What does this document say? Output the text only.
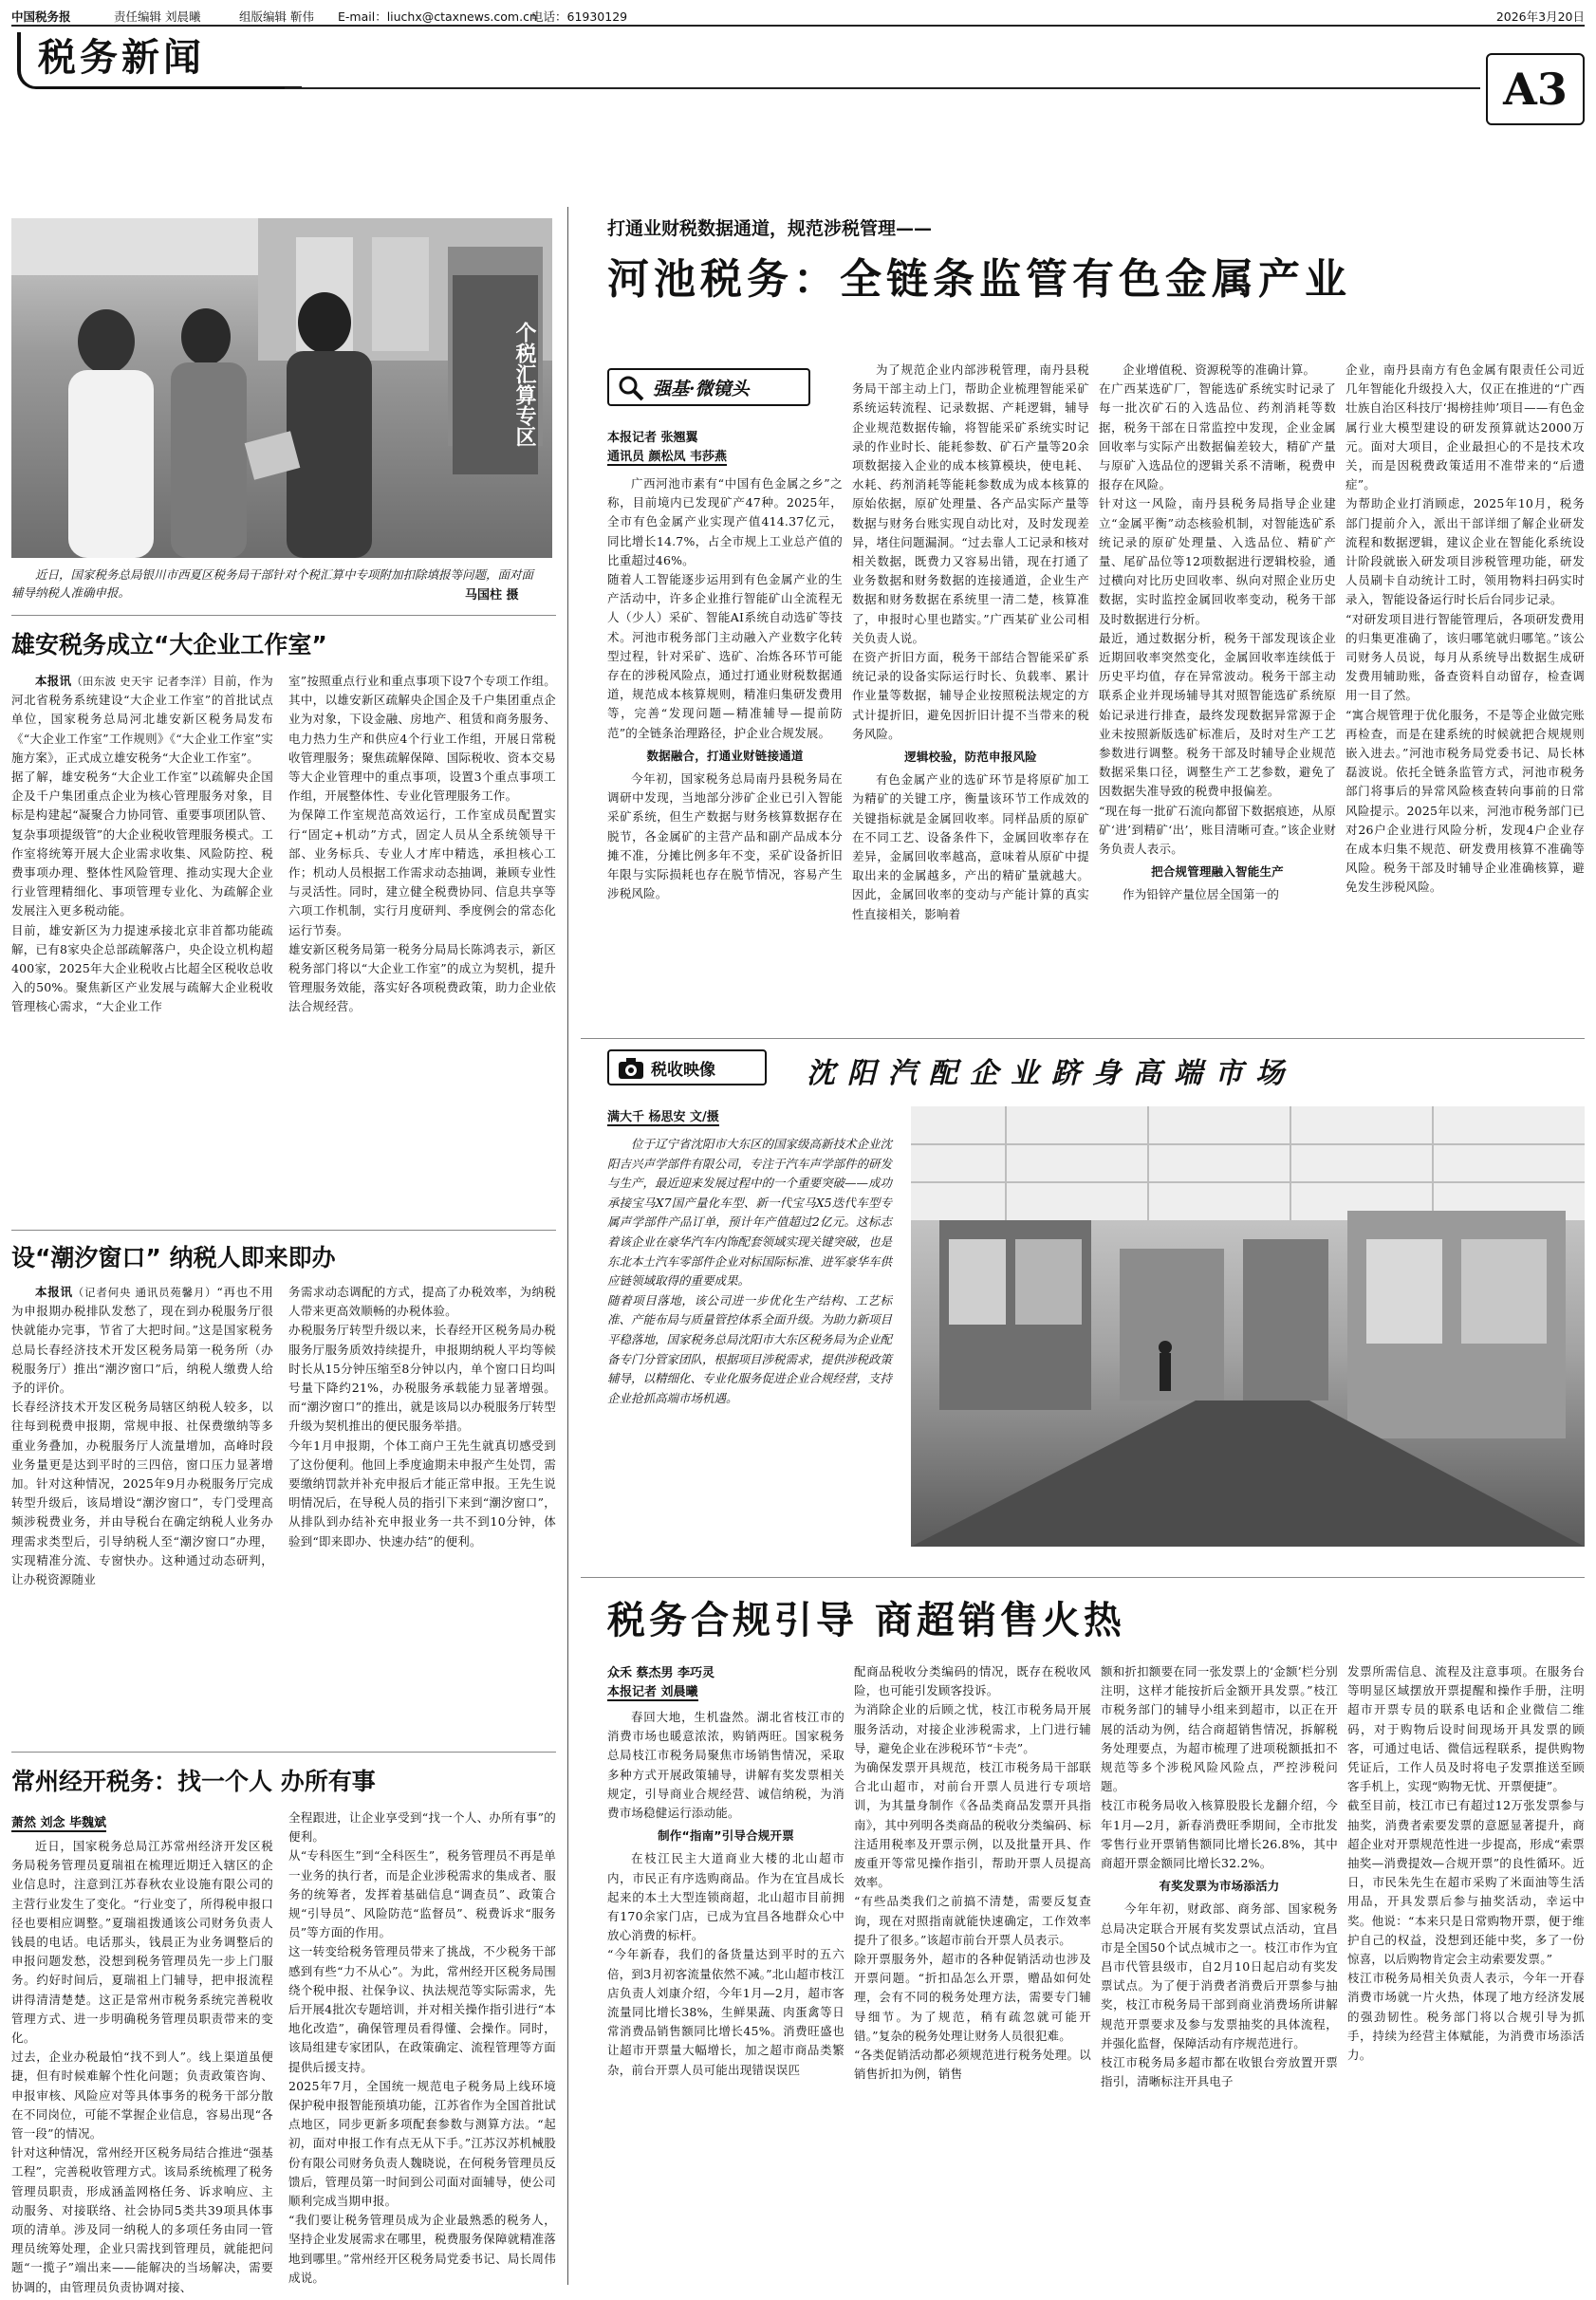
中国税务报	责任编辑 刘晨曦	组版编辑 靳伟 E-mail：liuchx@ctaxnews.com.cn
电话：61930129	2026年3月20日
税务新闻
A3
个税汇算专区
近日，国家税务总局银川市西夏区税务局干部针对个税汇算中专项附加扣除填报等问题，面对面辅导纳税人准确申报。	马国柱 摄
雄安税务成立“大企业工作室”
本报讯（田东波 史天宇 记者李洋）目前，作为河北省税务系统建设“大企业工作室”的首批试点单位，国家税务总局河北雄安新区税务局发布《“大企业工作室”工作规则》《“大企业工作室”实施方案》，正式成立雄安税务“大企业工作室”。
据了解，雄安税务“大企业工作室”以疏解央企国企及千户集团重点企业为核心管理服务对象，目标是构建起“凝聚合力协同管、重要事项团队管、复杂事项提级管”的大企业税收管理服务模式。工作室将统筹开展大企业需求收集、风险防控、税费事项办理、整体性风险管理、推动实现大企业行业管理精细化、事项管理专业化、为疏解企业发展注入更多税动能。
目前，雄安新区为力提速承接北京非首都功能疏解，已有8家央企总部疏解落户，央企设立机构超400家，2025年大企业税收占比超全区税收总收入的50%。聚焦新区产业发展与疏解大企业税收管理核心需求，“大企业工作
室”按照重点行业和重点事项下设7个专项工作组。其中，以雄安新区疏解央企国企及千户集团重点企业为对象，下设金融、房地产、租赁和商务服务、电力热力生产和供应4个行业工作组，开展日常税收管理服务；聚焦疏解保障、国际税收、资本交易等大企业管理中的重点事项，设置3个重点事项工作组，开展整体性、专业化管理服务工作。
为保障工作室规范高效运行，工作室成员配置实行“固定+机动”方式，固定人员从全系统领导干部、业务标兵、专业人才库中精选，承担核心工作；机动人员根据工作需求动态抽调，兼顾专业性与灵活性。同时，建立健全税费协同、信息共享等六项工作机制，实行月度研判、季度例会的常态化运行节奏。
雄安新区税务局第一税务分局局长陈鸿表示，新区税务部门将以“大企业工作室”的成立为契机，提升管理服务效能，落实好各项税费政策，助力企业依法合规经营。
设“潮汐窗口” 纳税人即来即办
本报讯（记者何央 通讯员苑馨月）“再也不用为申报期办税排队发愁了，现在到办税服务厅很快就能办完事，节省了大把时间。”这是国家税务总局长春经济技术开发区税务局第一税务所（办税服务厅）推出“潮汐窗口”后，纳税人缴费人给予的评价。
长春经济技术开发区税务局辖区纳税人较多，以往每到税费申报期，常规申报、社保费缴纳等多重业务叠加，办税服务厅人流量增加，高峰时段业务量更是达到平时的三四倍，窗口压力显著增加。针对这种情况，2025年9月办税服务厅完成转型升级后，该局增设“潮汐窗口”，专门受理高频涉税费业务，并由导税台在确定纳税人业务办理需求类型后，引导纳税人至“潮汐窗口”办理，实现精准分流、专窗快办。这种通过动态研判，让办税资源随业
务需求动态调配的方式，提高了办税效率，为纳税人带来更高效顺畅的办税体验。
办税服务厅转型升级以来，长春经开区税务局办税服务厅服务质效持续提升，申报期纳税人平均等候时长从15分钟压缩至8分钟以内，单个窗口日均叫号量下降约21%，办税服务承载能力显著增强。而“潮汐窗口”的推出，就是该局以办税服务厅转型升级为契机推出的便民服务举措。
今年1月申报期，个体工商户王先生就真切感受到了这份便利。他回上季度逾期未申报产生处罚，需要缴纳罚款并补充申报后才能正常申报。王先生说明情况后，在导税人员的指引下来到“潮汐窗口”，从排队到办结补充申报业务一共不到10分钟，体验到“即来即办、快速办结”的便利。
常州经开税务：找一个人 办所有事
萧然 刘念 毕魏斌
近日，国家税务总局江苏常州经济开发区税务局税务管理员夏瑞祖在梳理近期迁入辖区的企业信息时，注意到江苏春秋农业设施有限公司的主营行业发生了变化。“行业变了，所得税申报口径也要相应调整。”夏瑞祖拨通该公司财务负责人钱晨的电话。电话那头，钱晨正为业务调整后的申报问题发愁，没想到税务管理员先一步上门服务。约好时间后，夏瑞祖上门辅导，把申报流程讲得清清楚楚。这正是常州市税务系统完善税收管理方式、进一步明确税务管理员职责带来的变化。
过去，企业办税最怕“找不到人”。线上渠道虽便捷，但有时候难解个性化问题；负责政策咨询、申报审核、风险应对等具体事务的税务干部分散在不同岗位，可能不掌握企业信息，容易出现“各管一段”的情况。
针对这种情况，常州经开区税务局结合推进“强基工程”，完善税收管理方式。该局系统梳理了税务管理员职责，形成涵盖网格任务、诉求响应、主动服务、对接联络、社会协同5类共39项具体事项的清单。涉及同一纳税人的多项任务由同一管理员统筹处理，企业只需找到管理员，就能把问题“一揽子”端出来——能解决的当场解决，需要协调的，由管理员负责协调对接、
全程跟进，让企业享受到“找一个人、办所有事”的便利。
从“专科医生”到“全科医生”，税务管理员不再是单一业务的执行者，而是企业涉税需求的集成者、服务的统筹者，发挥着基础信息“调查员”、政策合规“引导员”、风险防范“监督员”、税费诉求“服务员”等方面的作用。
这一转变给税务管理员带来了挑战，不少税务干部感到有些“力不从心”。为此，常州经开区税务局围绕个税申报、社保争议、执法规范等实际需求，先后开展4批次专题培训，并对相关操作指引进行“本地化改造”，确保管理员看得懂、会操作。同时，该局组建专家团队，在政策确定、流程管理等方面提供后援支持。
2025年7月，全国统一规范电子税务局上线环境保护税申报智能预填功能，江苏省作为全国首批试点地区，同步更新多项配套参数与测算方法。“起初，面对申报工作有点无从下手。”江苏汉苏机械股份有限公司财务负责人魏晓说，在何税务管理员反馈后，管理员第一时间到公司面对面辅导，使公司顺利完成当期申报。
“我们要让税务管理员成为企业最熟悉的税务人，坚持企业发展需求在哪里，税费服务保障就精准落地到哪里。”常州经开区税务局党委书记、局长周伟成说。
打通业财税数据通道，规范涉税管理——
河池税务：全链条监管有色金属产业
强基·微镜头
本报记者 张翘翼
通讯员 颜松凤 韦莎燕
广西河池市素有“中国有色金属之乡”之称，目前境内已发现矿产47种。2025年，全市有色金属产业实现产值414.37亿元，同比增长14.7%，占全市规上工业总产值的比重超过46%。
随着人工智能逐步运用到有色金属产业的生产活动中，许多企业推行智能矿山全流程无人（少人）采矿、智能AI系统自动选矿等技术。河池市税务部门主动融入产业数字化转型过程，针对采矿、选矿、冶炼各环节可能存在的涉税风险点，通过打通业财税数据通道，规范成本核算规则，精准归集研发费用等，完善“发现问题—精准辅导—提前防范”的全链条治理路径，护企业合规发展。
数据融合，打通业财链接通道
今年初，国家税务总局南丹县税务局在调研中发现，当地部分涉矿企业已引入智能采矿系统，但生产数据与财务核算数据存在脱节，各金属矿的主营产品和副产品成本分摊不准，分摊比例多年不变，采矿设备折旧年限与实际损耗也存在脱节情况，容易产生涉税风险。
为了规范企业内部涉税管理，南丹县税务局干部主动上门，帮助企业梳理智能采矿系统运转流程、记录数据、产耗逻辑，辅导企业规范数据传输，将智能采矿系统实时记录的作业时长、能耗参数、矿石产量等20余项数据接入企业的成本核算模块，使电耗、水耗、药剂消耗等能耗参数成为成本核算的原始依据，原矿处理量、各产品实际产量等数据与财务台账实现自动比对，及时发现差异，堵住问题漏洞。“过去靠人工记录和核对相关数据，既费力又容易出错，现在打通了业务数据和财务数据的连接通道，企业生产数据和财务数据在系统里一清二楚，核算准了，申报时心里也踏实。”广西某矿业公司相关负责人说。
在资产折旧方面，税务干部结合智能采矿系统记录的设备实际运行时长、负载率、累计作业量等数据，辅导企业按照税法规定的方式计提折旧，避免因折旧计提不当带来的税务风险。
逻辑校验，防范申报风险
有色金属产业的选矿环节是将原矿加工为精矿的关键工序，衡量该环节工作成效的关键指标就是金属回收率。同样品质的原矿在不同工艺、设备条件下，金属回收率存在差异，金属回收率越高，意味着从原矿中提取出来的金属越多，产出的精矿量就越大。因此，金属回收率的变动与产能计算的真实性直接相关，影响着
企业增值税、资源税等的准确计算。
在广西某选矿厂，智能选矿系统实时记录了每一批次矿石的入选品位、药剂消耗等数据，税务干部在日常监控中发现，企业金属回收率与实际产出数据偏差较大，精矿产量与原矿入选品位的逻辑关系不清晰，税费申报存在风险。
针对这一风险，南丹县税务局指导企业建立“金属平衡”动态核验机制，对智能选矿系统记录的原矿处理量、入选品位、精矿产量、尾矿品位等12项数据进行逻辑校验，通过横向对比历史回收率、纵向对照企业历史数据，实时监控金属回收率变动，税务干部及时数据进行分析。
最近，通过数据分析，税务干部发现该企业近期回收率突然变化，金属回收率连续低于历史平均值，存在异常波动。税务干部主动联系企业并现场辅导其对照智能选矿系统原始记录进行排查，最终发现数据异常源于企业未按照新版选矿标准后，及时对生产工艺参数进行调整。税务干部及时辅导企业规范数据采集口径，调整生产工艺参数，避免了因数据失准导致的税费申报偏差。
“现在每一批矿石流向都留下数据痕迹，从原矿‘进’到精矿‘出’，账目清晰可查。”该企业财务负责人表示。
把合规管理融入智能生产
作为铅锌产量位居全国第一的
企业，南丹县南方有色金属有限责任公司近几年智能化升级投入大，仅正在推进的“广西壮族自治区科技厅‘揭榜挂帅’项目——有色金属行业大模型建设的研发预算就达2000万元。面对大项目，企业最担心的不是技术攻关，而是因税费政策适用不准带来的“后遗症”。
为帮助企业打消顾虑，2025年10月，税务部门提前介入，派出干部详细了解企业研发流程和数据逻辑，建议企业在智能化系统设计阶段就嵌入研发项目涉税管理功能，研发人员刷卡自动统计工时，领用物料扫码实时录入，智能设备运行时长后台同步记录。
“对研发项目进行智能管理后，各项研发费用的归集更准确了，该归哪笔就归哪笔。”该公司财务人员说，每月从系统导出数据生成研发费用辅助账，备查资料自动留存，检查调用一目了然。
“寓合规管理于优化服务，不是等企业做完账再检查，而是在建系统的时候就把合规规则嵌入进去。”河池市税务局党委书记、局长林磊波说。依托全链条监管方式，河池市税务部门将事后的异常风险核查转向事前的日常风险提示。2025年以来，河池市税务部门已对26户企业进行风险分析，发现4户企业存在成本归集不规范、研发费用核算不准确等风险。税务干部及时辅导企业准确核算，避免发生涉税风险。
税收映像	沈阳汽配企业跻身高端市场
满大千 杨思安 文/摄
位于辽宁省沈阳市大东区的国家级高新技术企业沈阳吉兴声学部件有限公司，专注于汽车声学部件的研发与生产，最近迎来发展过程中的一个重要突破——成功承接宝马X7国产量化车型、新一代宝马X5迭代车型专属声学部件产品订单，预计年产值超过2亿元。这标志着该企业在豪华汽车内饰配套领域实现关键突破，也是东北本土汽车零部件企业对标国际标准、进军豪华车供应链领域取得的重要成果。
随着项目落地，该公司进一步优化生产结构、工艺标准、产能布局与质量管控体系全面升级。为助力新项目平稳落地，国家税务总局沈阳市大东区税务局为企业配备专门分管家团队，根据项目涉税需求，提供涉税政策辅导，以精细化、专业化服务促进企业合规经营，支持企业抢抓高端市场机遇。
税务合规引导 商超销售火热
众禾 蔡杰男 李巧灵
本报记者 刘晨曦
春回大地，生机盎然。湖北省枝江市的消费市场也暖意浓浓，购销两旺。国家税务总局枝江市税务局聚焦市场销售情况，采取多种方式开展政策辅导，讲解有奖发票相关规定，引导商业合规经营、诚信纳税，为消费市场稳健运行添动能。
制作“指南”引导合规开票
在枝江民主大道商业大楼的北山超市内，市民正有序选购商品。作为在宜昌成长起来的本土大型连锁商超，北山超市目前拥有170余家门店，已成为宜昌各地群众心中放心消费的标杆。
“今年新春，我们的备货量达到平时的五六倍，到3月初客流量依然不减。”北山超市枝江店负责人刘康介绍，今年1月—2月，超市客流量同比增长38%，生鲜果蔬、肉蛋禽等日常消费品销售额同比增长45%。消费旺盛也让超市开票量大幅增长，加之超市商品类繁杂，前台开票人员可能出现错误误匹
配商品税收分类编码的情况，既存在税收风险，也可能引发顾客投诉。
为消除企业的后顾之忧，枝江市税务局开展服务活动，对接企业涉税需求，上门进行辅导，避免企业在涉税环节“卡壳”。
为确保发票开具规范，枝江市税务局干部联合北山超市，对前台开票人员进行专项培训，为其量身制作《各品类商品发票开具指南》，其中列明各类商品的税收分类编码、标注适用税率及开票示例，以及批量开具、作废重开等常见操作指引，帮助开票人员提高效率。
“有些品类我们之前搞不清楚，需要反复查询，现在对照指南就能快速确定，工作效率提升了很多。”该超市前台开票人员表示。
除开票服务外，超市的各种促销活动也涉及开票问题。“折扣品怎么开票，赠品如何处理，会有不同的税务处理方法，需要专门辅导细节。为了规范，稍有疏忽就可能开错。”复杂的税务处理让财务人员很犯难。
“各类促销活动都必须规范进行税务处理。以销售折扣为例，销售
额和折扣额要在同一张发票上的‘金额’栏分别注明，这样才能按折后金额开具发票。”枝江市税务部门的辅导小组来到超市，以正在开展的活动为例，结合商超销售情况，拆解税务处理要点，为超市梳理了进项税额抵扣不规范等多个涉税风险风险点，严控涉税问题。
枝江市税务局收入核算股股长龙翻介绍，今年1月—2月，新春消费旺季期间，全市批发零售行业开票销售额同比增长26.8%，其中商超开票金额同比增长32.2%。
有奖发票为市场添活力
今年年初，财政部、商务部、国家税务总局决定联合开展有奖发票试点活动，宜昌市是全国50个试点城市之一。枝江市作为宜昌市代管县级市，自2月10日起启动有奖发票试点。为了便于消费者消费后开票参与抽奖，枝江市税务局干部到商业消费场所讲解规范开票要求及参与发票抽奖的具体流程，并强化监督，保障活动有序规范进行。
枝江市税务局多超市都在收银台旁放置开票指引，清晰标注开具电子
发票所需信息、流程及注意事项。在服务台等明显区域摆放开票提醒和操作手册，注明超市开票专员的联系电话和企业微信二维码，对于购物后设时间现场开具发票的顾客，可通过电话、微信远程联系，提供购物凭证后，工作人员及时将电子发票推送至顾客手机上，实现“购物无忧、开票便捷”。
截至目前，枝江市已有超过12万张发票参与抽奖，消费者索要发票的意愿显著提升，商超企业对开票规范性进一步提高，形成“索票抽奖—消费提效—合规开票”的良性循环。近日，市民朱先生在超市采购了米面油等生活用品，开具发票后参与抽奖活动，幸运中奖。他说：“本来只是日常购物开票，便于维护自己的权益，没想到还能中奖，多了一份惊喜，以后购物肯定会主动索要发票。”
枝江市税务局相关负责人表示，今年一开春消费市场就一片火热，体现了地方经济发展的强劲韧性。税务部门将以合规引导为抓手，持续为经营主体赋能，为消费市场添活力。
